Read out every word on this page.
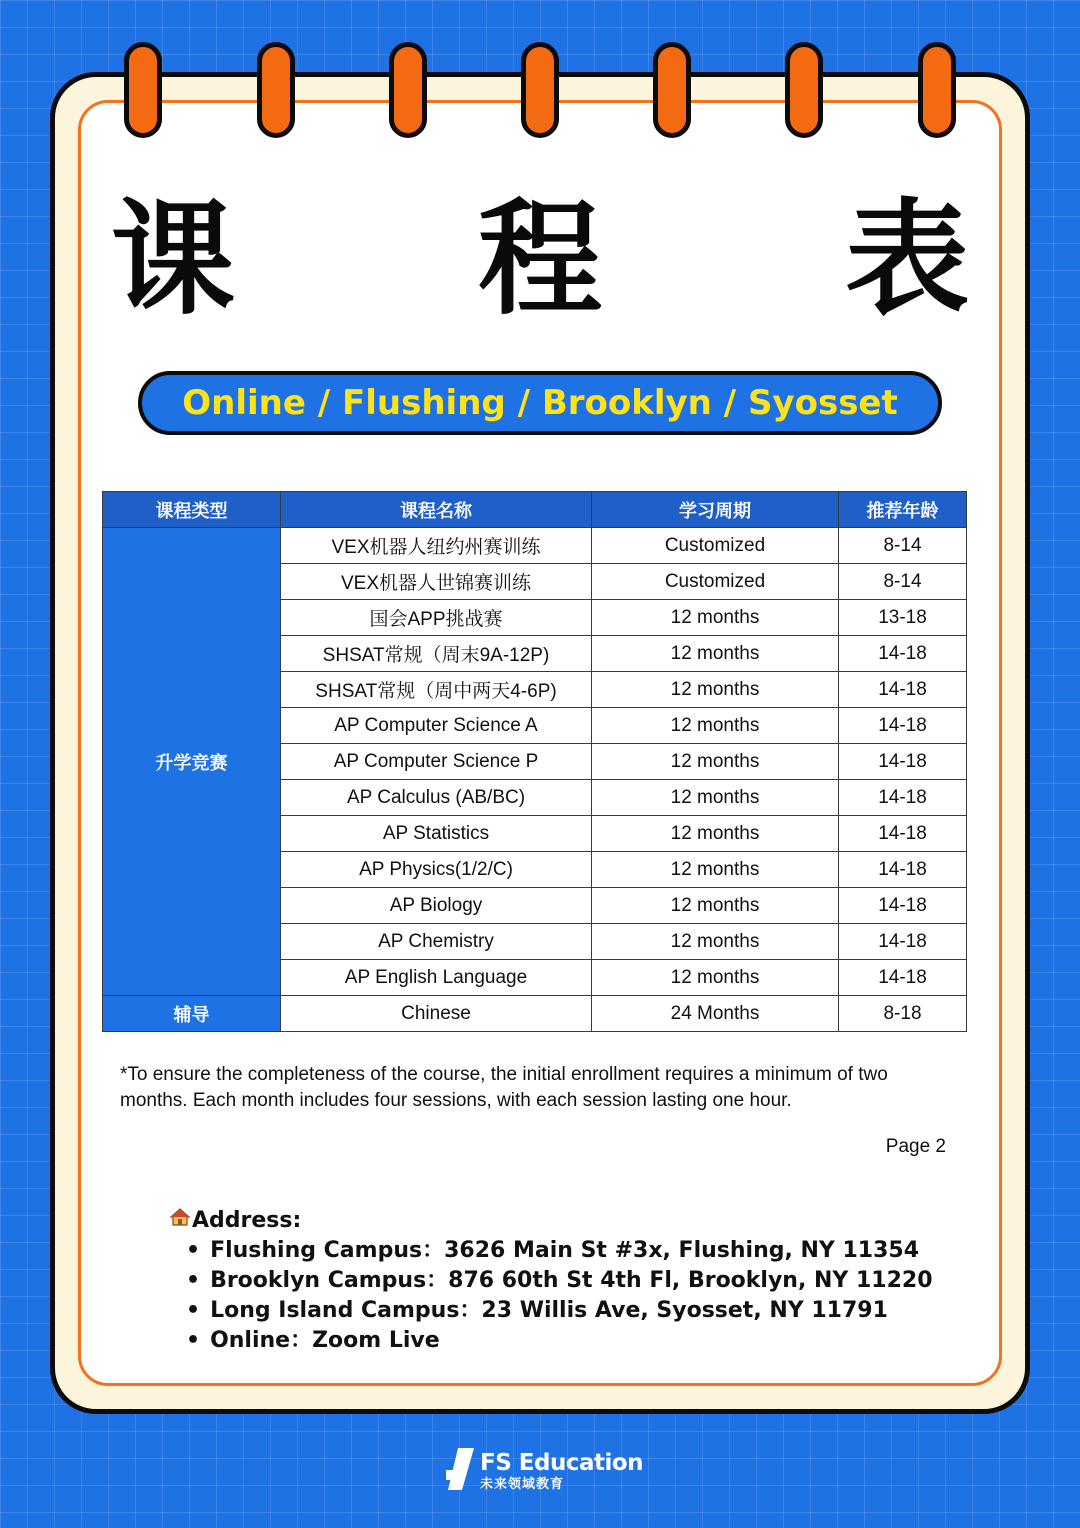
课 程 表
Online / Flushing / Brooklyn / Syosset
课程类型	课程名称	学习周期	推荐年龄
升学竞赛	VEX机器人纽约州赛训练	Customized	8-14
	VEX机器人世锦赛训练	Customized	8-14
	国会APP挑战赛	12 months	13-18
	SHSAT常规（周末9A-12P)	12 months	14-18
	SHSAT常规（周中两天4-6P)	12 months	14-18
	AP Computer Science A	12 months	14-18
	AP Computer Science P	12 months	14-18
	AP Calculus (AB/BC)	12 months	14-18
	AP Statistics	12 months	14-18
	AP Physics(1/2/C)	12 months	14-18
	AP Biology	12 months	14-18
	AP Chemistry	12 months	14-18
	AP English Language	12 months	14-18
辅导	Chinese	24 Months	8-18
*To ensure the completeness of the course, the initial enrollment requires a minimum of two months. Each month includes four sessions, with each session lasting one hour.
Page 2
Address:
• Flushing Campus：3626 Main St #3x, Flushing, NY 11354
• Brooklyn Campus：876 60th St 4th Fl, Brooklyn, NY 11220
• Long Island Campus：23 Willis Ave, Syosset, NY 11791
• Online：Zoom Live
FS Education
未来领域教育
